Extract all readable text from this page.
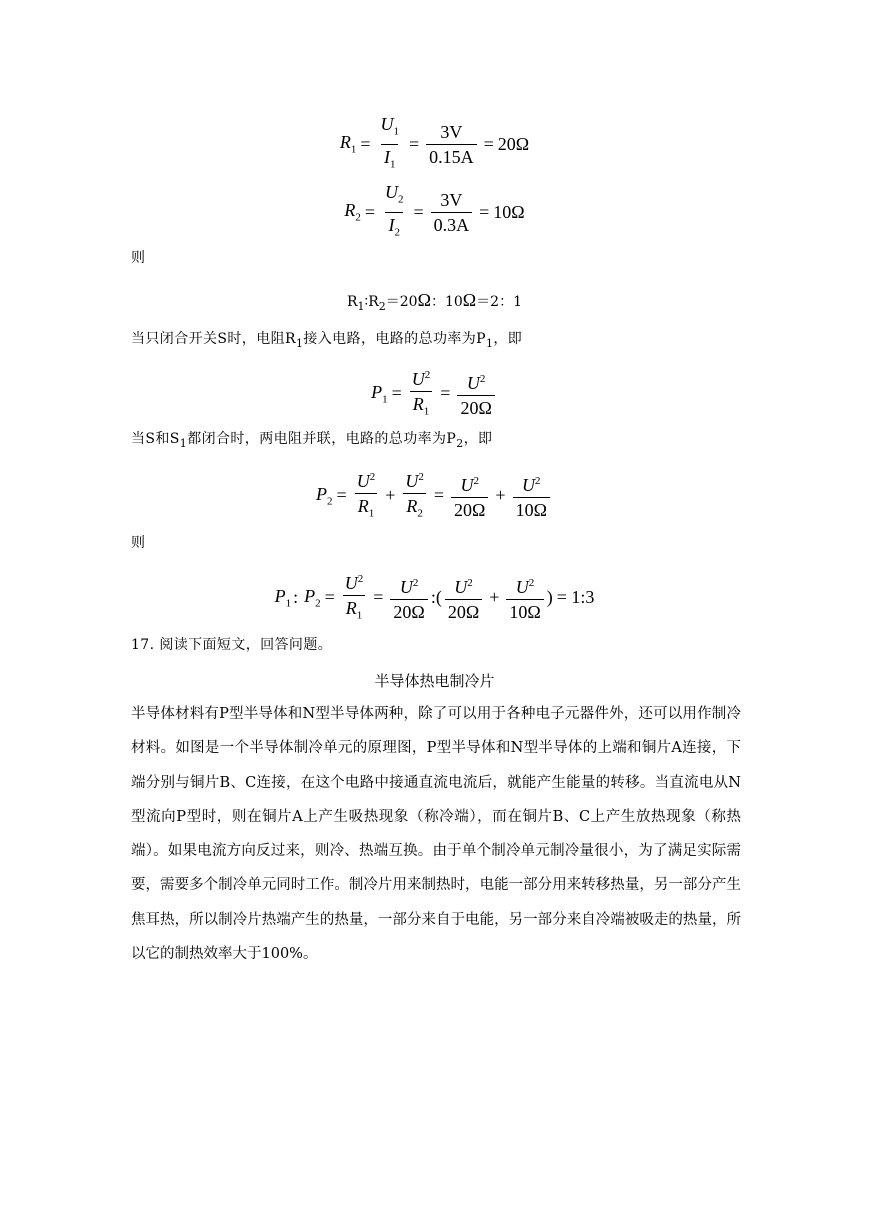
$R_1 = \frac{U_1}{I_1} = \frac{3V}{0.15A} = 20\Omega$
$R_2 = \frac{U_2}{I_2} = \frac{3V}{0.3A} = 10\Omega$
则
$R_1∶R_2=20\Omega$：10Ω＝2：1
当只闭合开关S时，电阻$R_1$接入电路，电路的总功率为$P_1$，即
$P_1 = \frac{U^2}{R_1} = \frac{U^2}{20\Omega}$
当S和$S_1$都闭合时，两电阻并联，电路的总功率为$P_2$，即
$P_2 = \frac{U^2}{R_1} + \frac{U^2}{R_2} = \frac{U^2}{20\Omega} + \frac{U^2}{10\Omega}$
则
$P_1$ : $P_2 = \frac{U^2}{R_1} = \frac{U^2}{20\Omega}$ :( $\frac{U^2}{20\Omega} + \frac{U^2}{10\Omega}$ ) = 1:3
17. 阅读下面短文，回答问题。
半导体热电制冷片
半导体材料有P型半导体和N型半导体两种，除了可以用于各种电子元器件外，还可以用作制冷材料。如图是一个半导体制冷单元的原理图，P型半导体和N型半导体的上端和铜片A连接，下端分别与铜片B、C连接，在这个电路中接通直流电流后，就能产生能量的转移。当直流电从N型流向P型时，则在铜片A上产生吸热现象（称冷端），而在铜片B、C上产生放热现象（称热端）。如果电流方向反过来，则冷、热端互换。由于单个制冷单元制冷量很小，为了满足实际需要，需要多个制冷单元同时工作。制冷片用来制热时，电能一部分用来转移热量，另一部分产生焦耳热，所以制冷片热端产生的热量，一部分来自于电能，另一部分来自冷端被吸走的热量，所以它的制热效率大于100%。
